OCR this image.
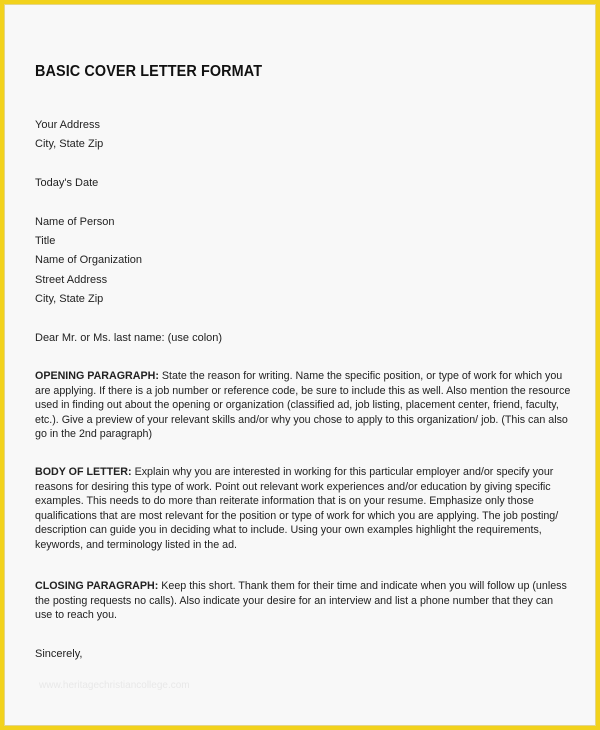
BASIC COVER LETTER FORMAT
Your Address
City, State Zip
Today's Date
Name of Person
Title
Name of Organization
Street Address
City, State Zip
Dear Mr. or Ms. last name: (use colon)
OPENING PARAGRAPH: State the reason for writing. Name the specific position, or type of work for which you are applying. If there is a job number or reference code, be sure to include this as well. Also mention the resource used in finding out about the opening or organization (classified ad, job listing, placement center, friend, faculty, etc.). Give a preview of your relevant skills and/or why you chose to apply to this organization/ job. (This can also go in the 2nd paragraph)
BODY OF LETTER: Explain why you are interested in working for this particular employer and/or specify your reasons for desiring this type of work. Point out relevant work experiences and/or education by giving specific examples. This needs to do more than reiterate information that is on your resume. Emphasize only those qualifications that are most relevant for the position or type of work for which you are applying. The job posting/ description can guide you in deciding what to include. Using your own examples highlight the requirements, keywords, and terminology listed in the ad.
CLOSING PARAGRAPH: Keep this short. Thank them for their time and indicate when you will follow up (unless the posting requests no calls). Also indicate your desire for an interview and list a phone number that they can use to reach you.
Sincerely,
www.heritagechristiancollege.com
